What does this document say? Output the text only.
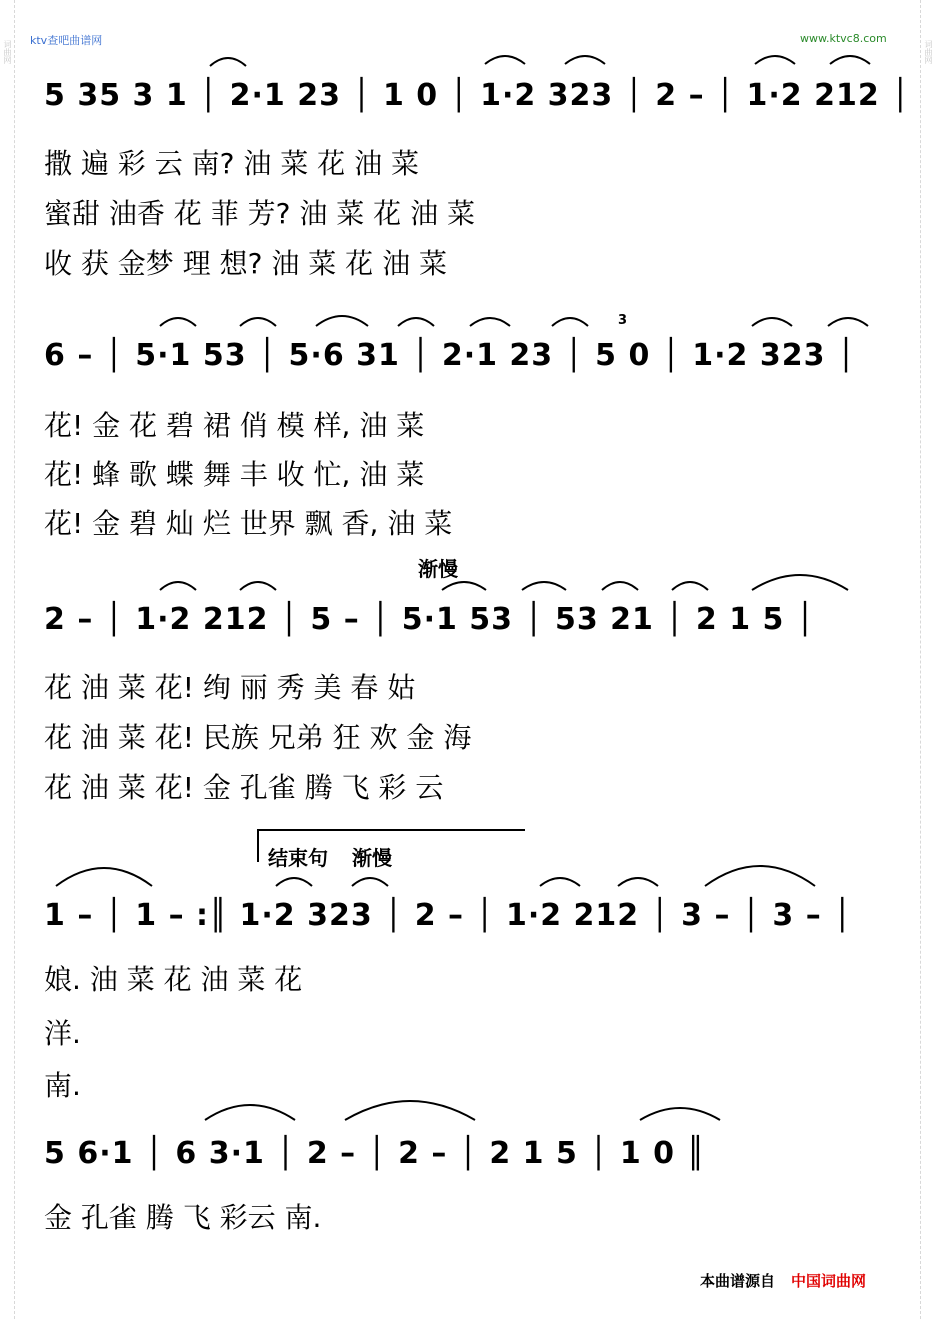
词曲网	词曲网
ktv查吧曲谱网	www.ktvc8.com
5 35 3 1 │ 2·1 23 │ 1 0 │ 1·2 323 │ 2 – │ 1·2 212 │
撒 遍 彩 云 南? 油 菜 花 油 菜
蜜甜 油香 花 菲 芳? 油 菜 花 油 菜
收 获 金梦 理 想? 油 菜 花 油 菜
6 – │ 5·1 53 │ 5·6 31 │ 2·1 23 │ 5 0 │ 1·2 323 │
3
花! 金 花 碧 裙 俏 模 样, 油 菜
花! 蜂 歌 蝶 舞 丰 收 忙, 油 菜
花! 金 碧 灿 烂 世界 飘 香, 油 菜
渐慢
2 – │ 1·2 212 │ 5 – │ 5·1 53 │ 53 21 │ 2 1 5 │
花 油 菜 花! 绚 丽 秀 美 春 姑
花 油 菜 花! 民族 兄弟 狂 欢 金 海
花 油 菜 花! 金 孔雀 腾 飞 彩 云
结束句 渐慢
1 – │ 1 – :║ 1·2 323 │ 2 – │ 1·2 212 │ 3 – │ 3 – │
娘. 油 菜 花 油 菜 花
洋.
南.
5 6·1 │ 6 3·1 │ 2 – │ 2 – │ 2 1 5 │ 1 0 ║
金 孔雀 腾 飞 彩云 南.
本曲谱源自 中国词曲网
